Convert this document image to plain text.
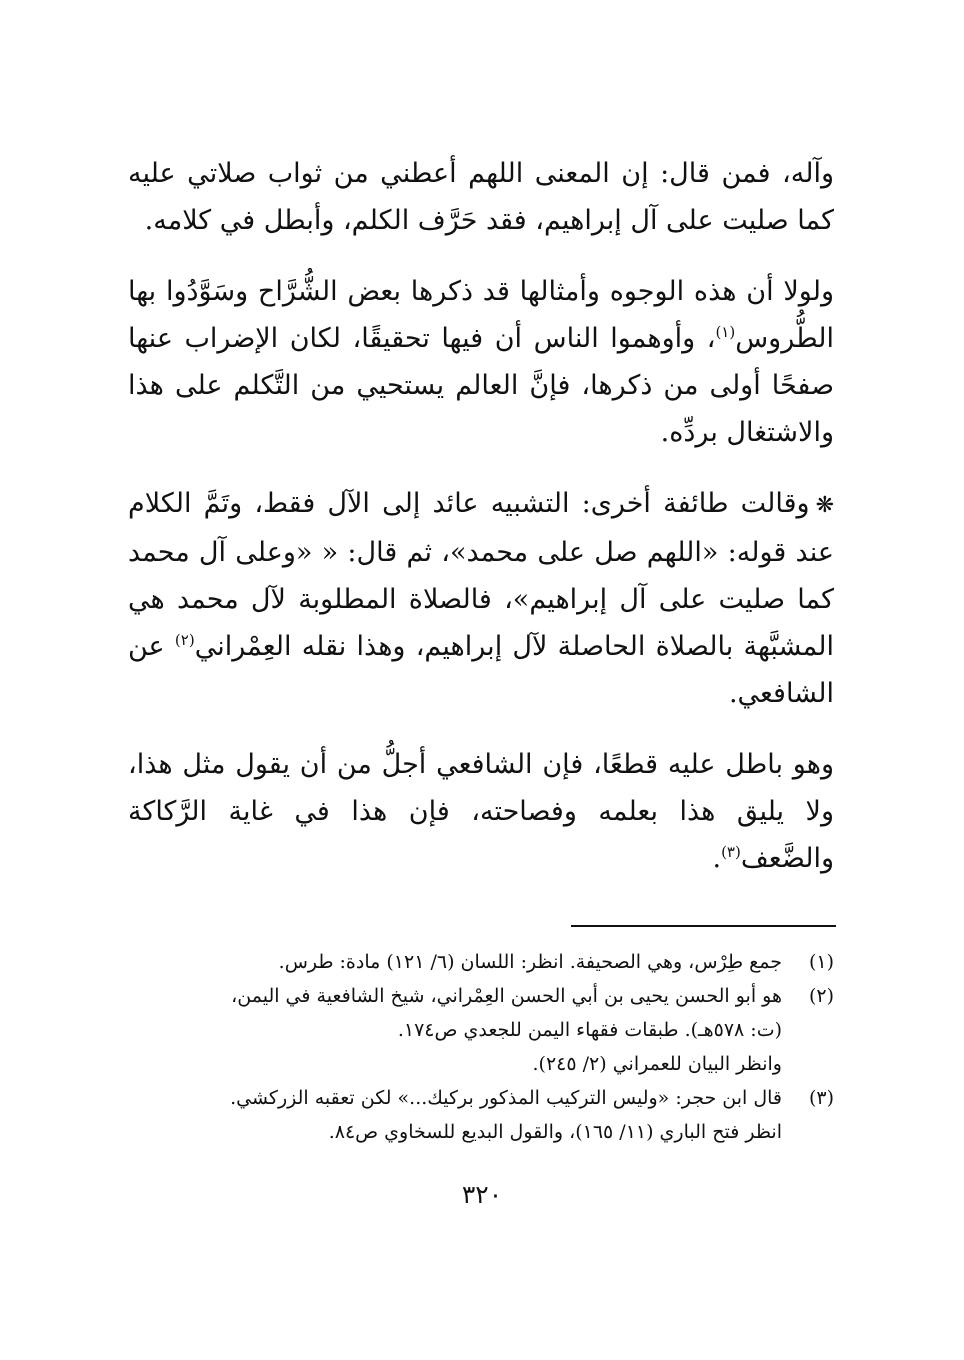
وآله، فمن قال: إن المعنى اللهم أعطني من ثواب صلاتي عليه كما صليت على آل إبراهيم، فقد حَرَّف الكلم، وأبطل في كلامه.

ولولا أن هذه الوجوه وأمثالها قد ذكرها بعض الشُّرَّاح وسَوَّدُوا بها الطُّروس$^{(١)}$، وأوهموا الناس أن فيها تحقيقًا، لكان الإضراب عنها صفحًا أولى من ذكرها، فإنَّ العالم يستحيي من التَّكلم على هذا والاشتغال بردِّه.

❋وقالت طائفة أخرى: التشبيه عائد إلى الآل فقط، وتَمَّ الكلام عند قوله: «اللهم صل على محمد»، ثم قال: « «وعلى آل محمد كما صليت على آل إبراهيم»، فالصلاة المطلوبة لآل محمد هي المشبَّهة بالصلاة الحاصلة لآل إبراهيم، وهذا نقله العِمْراني$^{(٢)}$ عن الشافعي.

وهو باطل عليه قطعًا، فإن الشافعي أجلُّ من أن يقول مثل هذا، ولا يليق هذا بعلمه وفصاحته، فإن هذا في غاية الرَّكاكة والضَّعف$^{(٣)}$.

(١)
جمع طِرْس، وهي الصحيفة. انظر: اللسان (٦/ ١٢١) مادة: طرس.
(٢)
هو أبو الحسن يحيى بن أبي الحسن العِمْراني، شيخ الشافعية في اليمن،
(ت: ٥٧٨هـ). طبقات فقهاء اليمن للجعدي ص١٧٤.
وانظر البيان للعمراني (٢/ ٢٤٥).
(٣)
قال ابن حجر: «وليس التركيب المذكور بركيك...» لكن تعقبه الزركشي.
انظر فتح الباري (١١/ ١٦٥)، والقول البديع للسخاوي ص٨٤.
٣٢٠
